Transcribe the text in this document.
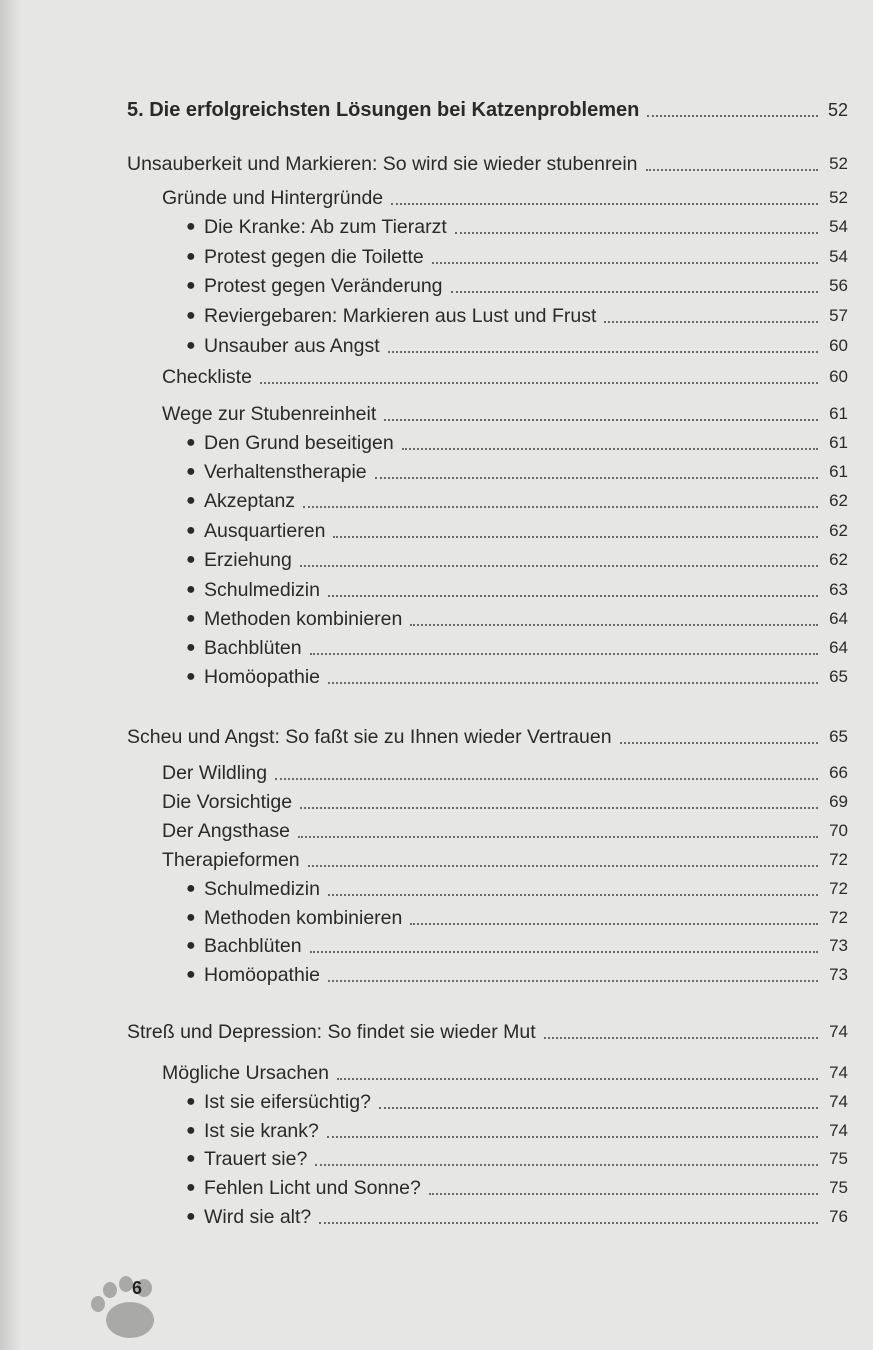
5. Die erfolgreichsten Lösungen bei Katzenproblemen	52
Unsauberkeit und Markieren: So wird sie wieder stubenrein	52
Gründe und Hintergründe	52
● Die Kranke: Ab zum Tierarzt	54
● Protest gegen die Toilette	54
● Protest gegen Veränderung	56
● Reviergebaren: Markieren aus Lust und Frust	57
● Unsauber aus Angst	60
Checkliste	60
Wege zur Stubenreinheit	61
● Den Grund beseitigen	61
● Verhaltenstherapie	61
● Akzeptanz	62
● Ausquartieren	62
● Erziehung	62
● Schulmedizin	63
● Methoden kombinieren	64
● Bachblüten	64
● Homöopathie	65
Scheu und Angst: So faßt sie zu Ihnen wieder Vertrauen	65
Der Wildling	66
Die Vorsichtige	69
Der Angsthase	70
Therapieformen	72
● Schulmedizin	72
● Methoden kombinieren	72
● Bachblüten	73
● Homöopathie	73
Streß und Depression: So findet sie wieder Mut	74
Mögliche Ursachen	74
● Ist sie eifersüchtig?	74
● Ist sie krank?	74
● Trauert sie?	75
● Fehlen Licht und Sonne?	75
● Wird sie alt?	76
6
